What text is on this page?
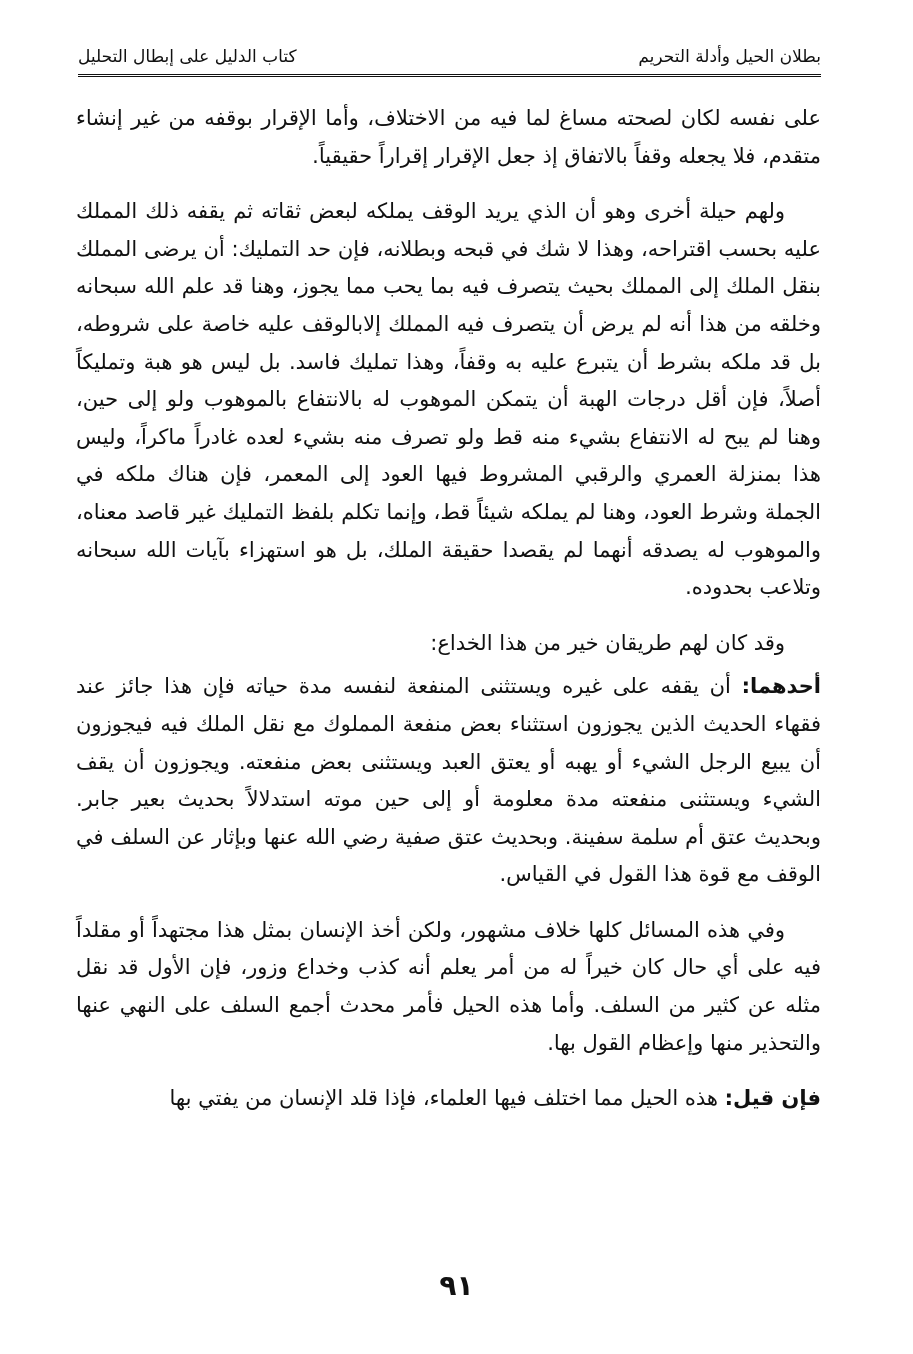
بطلان الحيل وأدلة التحريم
كتاب الدليل على إبطال التحليل

على نفسه لكان لصحته مساغ لما فيه من الاختلاف، وأما الإقرار بوقفه من غير إنشاء متقدم، فلا يجعله وقفاً بالاتفاق إذ جعل الإقرار إقراراً حقيقياً.

ولهم حيلة أخرى وهو أن الذي يريد الوقف يملكه لبعض ثقاته ثم يقفه ذلك المملك عليه بحسب اقتراحه، وهذا لا شك في قبحه وبطلانه، فإن حد التمليك: أن يرضى المملك بنقل الملك إلى المملك بحيث يتصرف فيه بما يحب مما يجوز، وهنا قد علم الله سبحانه وخلقه من هذا أنه لم يرض أن يتصرف فيه المملك إلابالوقف عليه خاصة على شروطه، بل قد ملكه بشرط أن يتبرع عليه به وقفاً، وهذا تمليك فاسد. بل ليس هو هبة وتمليكاً أصلاً، فإن أقل درجات الهبة أن يتمكن الموهوب له بالانتفاع بالموهوب ولو إلى حين، وهنا لم يبح له الانتفاع بشيء منه قط ولو تصرف منه بشيء لعده غادراً ماكراً، وليس هذا بمنزلة العمري والرقبي المشروط فيها العود إلى المعمر، فإن هناك ملكه في الجملة وشرط العود، وهنا لم يملكه شيئاً قط، وإنما تكلم بلفظ التمليك غير قاصد معناه، والموهوب له يصدقه أنهما لم يقصدا حقيقة الملك، بل هو استهزاء بآيات الله سبحانه وتلاعب بحدوده.

وقد كان لهم طريقان خير من هذا الخداع:

أحدهما: أن يقفه على غيره ويستثنى المنفعة لنفسه مدة حياته فإن هذا جائز عند فقهاء الحديث الذين يجوزون استثناء بعض منفعة المملوك مع نقل الملك فيه فيجوزون أن يبيع الرجل الشيء أو يهبه أو يعتق العبد ويستثنى بعض منفعته. ويجوزون أن يقف الشيء ويستثنى منفعته مدة معلومة أو إلى حين موته استدلالاً بحديث بعير جابر. وبحديث عتق أم سلمة سفينة. وبحديث عتق صفية رضي الله عنها وبإثار عن السلف في الوقف مع قوة هذا القول في القياس.

وفي هذه المسائل كلها خلاف مشهور، ولكن أخذ الإنسان بمثل هذا مجتهداً أو مقلداً فيه على أي حال كان خيراً له من أمر يعلم أنه كذب وخداع وزور، فإن الأول قد نقل مثله عن كثير من السلف. وأما هذه الحيل فأمر محدث أجمع السلف على النهي عنها والتحذير منها وإعظام القول بها.

فإن قيل: هذه الحيل مما اختلف فيها العلماء، فإذا قلد الإنسان من يفتي بها

٩١
